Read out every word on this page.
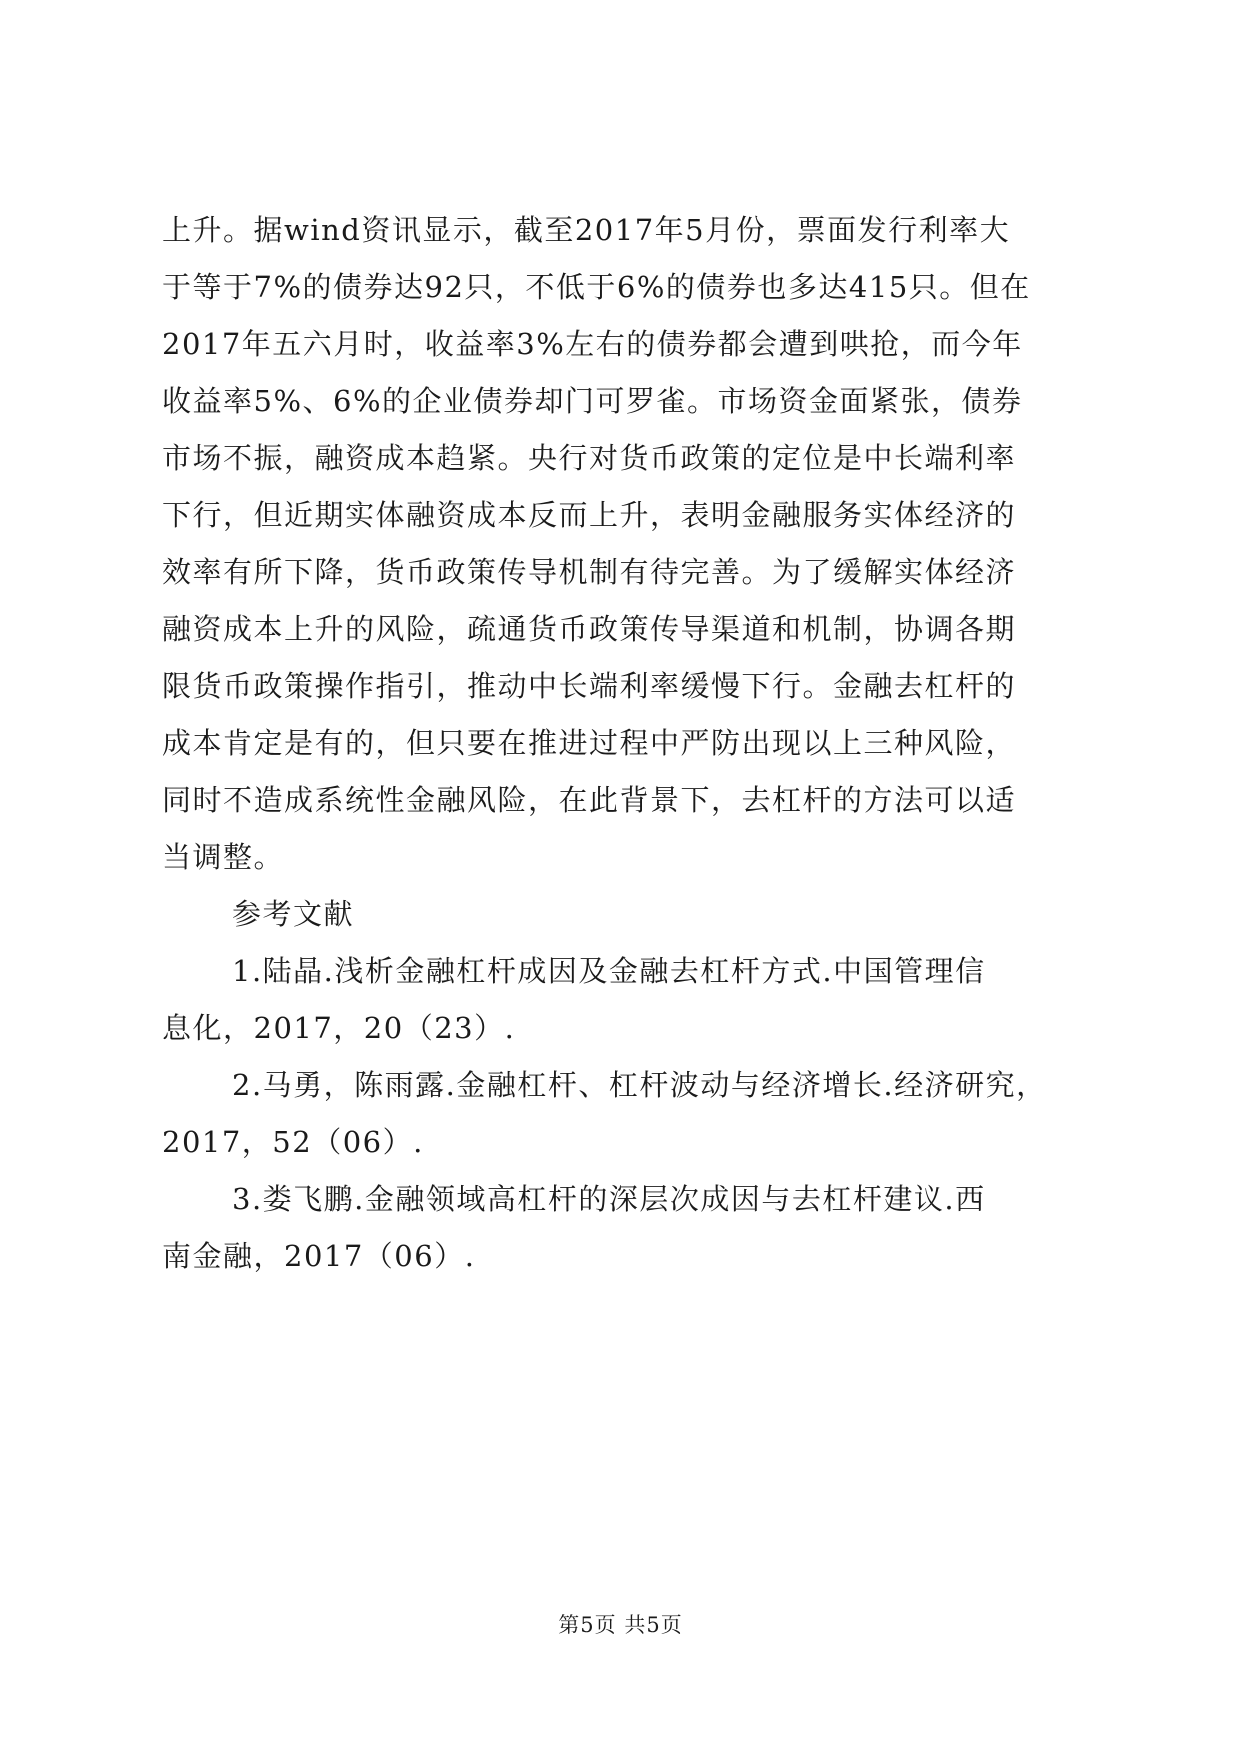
上升。据wind资讯显示，截至2017年5月份，票面发行利率大
于等于7%的债券达92只，不低于6%的债券也多达415只。但在
2017年五六月时，收益率3%左右的债券都会遭到哄抢，而今年
收益率5%、6%的企业债券却门可罗雀。市场资金面紧张，债券
市场不振，融资成本趋紧。央行对货币政策的定位是中长端利率
下行，但近期实体融资成本反而上升，表明金融服务实体经济的
效率有所下降，货币政策传导机制有待完善。为了缓解实体经济
融资成本上升的风险，疏通货币政策传导渠道和机制，协调各期
限货币政策操作指引，推动中长端利率缓慢下行。金融去杠杆的
成本肯定是有的，但只要在推进过程中严防出现以上三种风险，
同时不造成系统性金融风险，在此背景下，去杠杆的方法可以适
当调整。
参考文献
1.陆晶.浅析金融杠杆成因及金融去杠杆方式.中国管理信
息化，2017，20（23）.
2.马勇，陈雨露.金融杠杆、杠杆波动与经济增长.经济研究，
2017，52（06）.
3.娄飞鹏.金融领域高杠杆的深层次成因与去杠杆建议.西
南金融，2017（06）.
第5页 共5页
